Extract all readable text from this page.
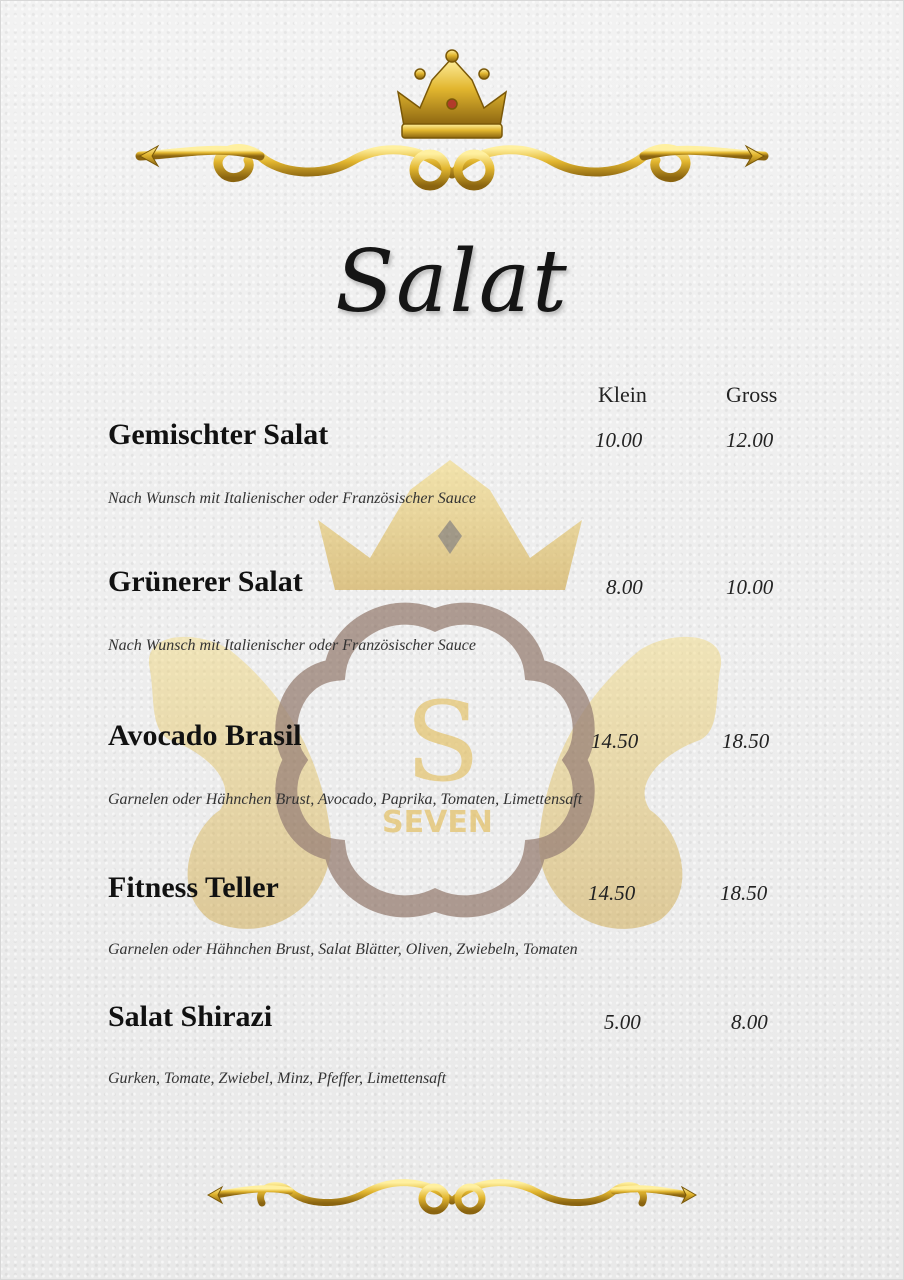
S
SEVEN
Salat
Klein	Gross
Gemischter Salat	10.00	12.00
Nach Wunsch mit Italienischer oder Französischer Sauce
Grünerer Salat	8.00	10.00
Nach Wunsch mit Italienischer oder Französischer Sauce
Avocado Brasil	14.50	18.50
Garnelen oder Hähnchen Brust, Avocado, Paprika, Tomaten, Limettensaft
Fitness Teller	14.50	18.50
Garnelen oder Hähnchen Brust, Salat Blätter, Oliven, Zwiebeln, Tomaten
Salat Shirazi	5.00	8.00
Gurken, Tomate, Zwiebel, Minz, Pfeffer, Limettensaft
